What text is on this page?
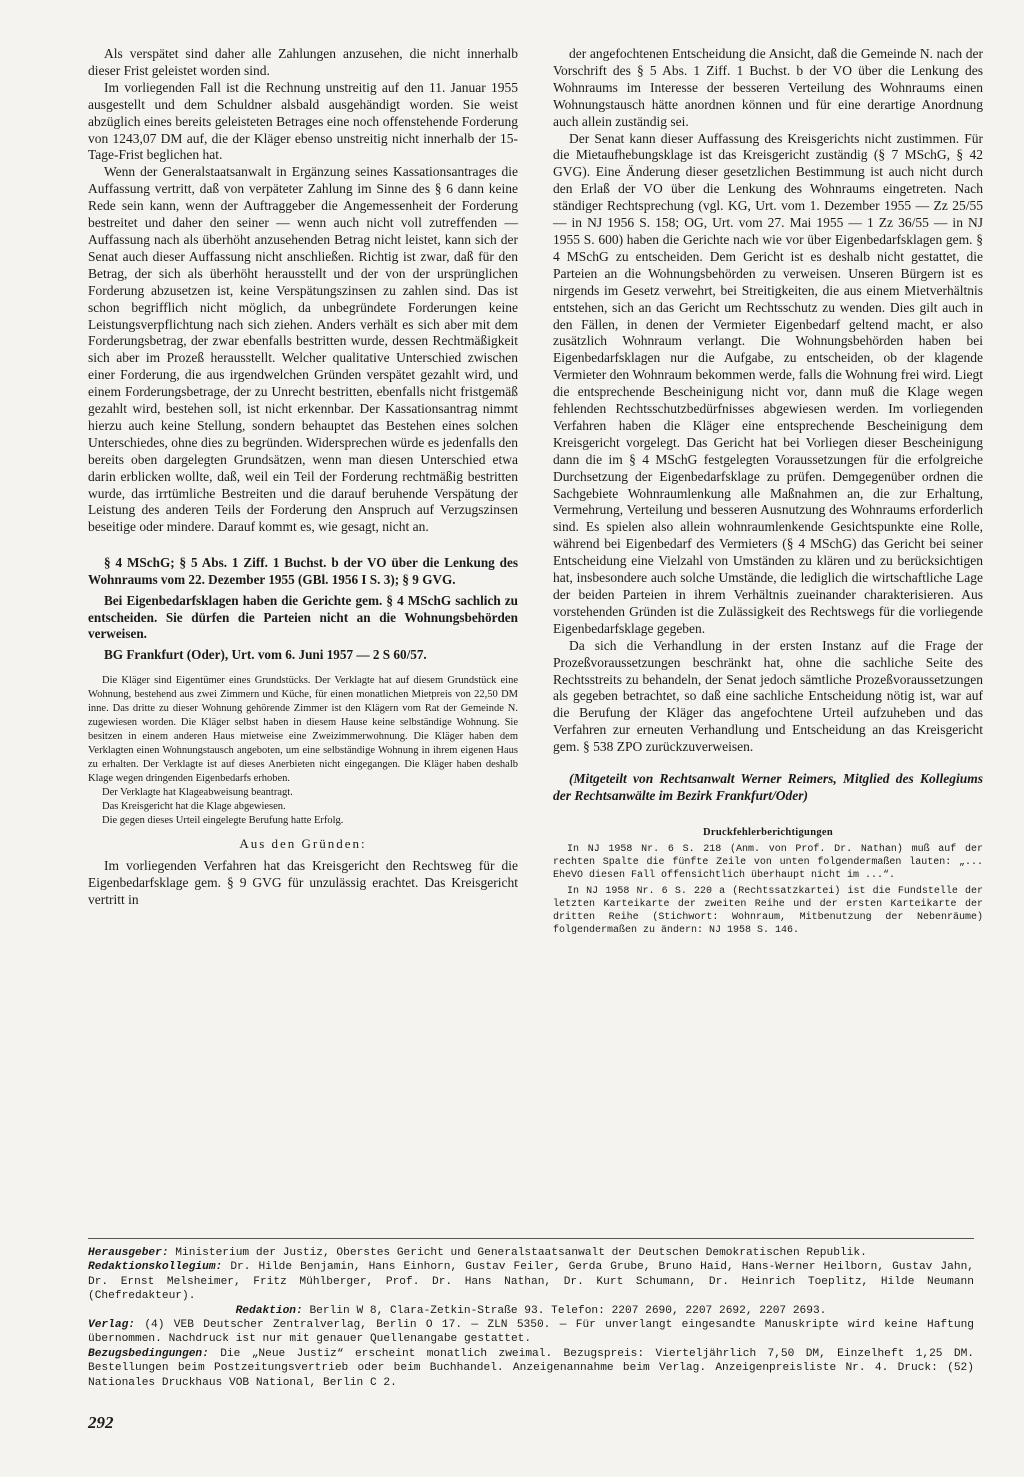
Als verspätet sind daher alle Zahlungen anzusehen, die nicht innerhalb dieser Frist geleistet worden sind.

Im vorliegenden Fall ist die Rechnung unstreitig auf den 11. Januar 1955 ausgestellt und dem Schuldner alsbald ausgehändigt worden. Sie weist abzüglich eines bereits geleisteten Betrages eine noch offenstehende Forderung von 1243,07 DM auf, die der Kläger ebenso unstreitig nicht innerhalb der 15-Tage-Frist beglichen hat.

Wenn der Generalstaatsanwalt in Ergänzung seines Kassationsantrages die Auffassung vertritt, daß von verpäteter Zahlung im Sinne des § 6 dann keine Rede sein kann, wenn der Auftraggeber die Angemessenheit der Forderung bestreitet und daher den seiner — wenn auch nicht voll zutreffenden — Auffassung nach als überhöht anzusehenden Betrag nicht leistet, kann sich der Senat auch dieser Auffassung nicht anschließen. Richtig ist zwar, daß für den Betrag, der sich als überhöht herausstellt und der von der ursprünglichen Forderung abzusetzen ist, keine Verspätungszinsen zu zahlen sind. Das ist schon begrifflich nicht möglich, da unbegründete Forderungen keine Leistungsverpflichtung nach sich ziehen. Anders verhält es sich aber mit dem Forderungsbetrag, der zwar ebenfalls bestritten wurde, dessen Rechtmäßigkeit sich aber im Prozeß herausstellt. Welcher qualitative Unterschied zwischen einer Forderung, die aus irgendwelchen Gründen verspätet gezahlt wird, und einem Forderungsbetrage, der zu Unrecht bestritten, ebenfalls nicht fristgemäß gezahlt wird, bestehen soll, ist nicht erkennbar. Der Kassationsantrag nimmt hierzu auch keine Stellung, sondern behauptet das Bestehen eines solchen Unterschiedes, ohne dies zu begründen. Widersprechen würde es jedenfalls den bereits oben dargelegten Grundsätzen, wenn man diesen Unterschied etwa darin erblicken wollte, daß, weil ein Teil der Forderung rechtmäßig bestritten wurde, das irrtümliche Bestreiten und die darauf beruhende Verspätung der Leistung des anderen Teils der Forderung den Anspruch auf Verzugszinsen beseitige oder mindere. Darauf kommt es, wie gesagt, nicht an.

§ 4 MSchG; § 5 Abs. 1 Ziff. 1 Buchst. b der VO über die Lenkung des Wohnraums vom 22. Dezember 1955 (GBl. 1956 I S. 3); § 9 GVG.

Bei Eigenbedarfsklagen haben die Gerichte gem. § 4 MSchG sachlich zu entscheiden. Sie dürfen die Parteien nicht an die Wohnungsbehörden verweisen.

BG Frankfurt (Oder), Urt. vom 6. Juni 1957 — 2 S 60/57.

Die Kläger sind Eigentümer eines Grundstücks. Der Verklagte hat auf diesem Grundstück eine Wohnung, bestehend aus zwei Zimmern und Küche, für einen monatlichen Mietpreis von 22,50 DM inne. Das dritte zu dieser Wohnung gehörende Zimmer ist den Klägern vom Rat der Gemeinde N. zugewiesen worden. Die Kläger selbst haben in diesem Hause keine selbständige Wohnung. Sie besitzen in einem anderen Haus mietweise eine Zweizimmerwohnung. Die Kläger haben dem Verklagten einen Wohnungstausch angeboten, um eine selbständige Wohnung in ihrem eigenen Haus zu erhalten. Der Verklagte ist auf dieses Anerbieten nicht eingegangen. Die Kläger haben deshalb Klage wegen dringenden Eigenbedarfs erhoben.

Der Verklagte hat Klageabweisung beantragt.

Das Kreisgericht hat die Klage abgewiesen.

Die gegen dieses Urteil eingelegte Berufung hatte Erfolg.

Aus den Gründen:

Im vorliegenden Verfahren hat das Kreisgericht den Rechtsweg für die Eigenbedarfsklage gem. § 9 GVG für unzulässig erachtet. Das Kreisgericht vertritt in

der angefochtenen Entscheidung die Ansicht, daß die Gemeinde N. nach der Vorschrift des § 5 Abs. 1 Ziff. 1 Buchst. b der VO über die Lenkung des Wohnraums im Interesse der besseren Verteilung des Wohnraums einen Wohnungstausch hätte anordnen können und für eine derartige Anordnung auch allein zuständig sei.

Der Senat kann dieser Auffassung des Kreisgerichts nicht zustimmen. Für die Mietaufhebungsklage ist das Kreisgericht zuständig (§ 7 MSchG, § 42 GVG). Eine Änderung dieser gesetzlichen Bestimmung ist auch nicht durch den Erlaß der VO über die Lenkung des Wohnraums eingetreten. Nach ständiger Rechtsprechung (vgl. KG, Urt. vom 1. Dezember 1955 — Zz 25/55 — in NJ 1956 S. 158; OG, Urt. vom 27. Mai 1955 — 1 Zz 36/55 — in NJ 1955 S. 600) haben die Gerichte nach wie vor über Eigenbedarfsklagen gem. § 4 MSchG zu entscheiden. Dem Gericht ist es deshalb nicht gestattet, die Parteien an die Wohnungsbehörden zu verweisen. Unseren Bürgern ist es nirgends im Gesetz verwehrt, bei Streitigkeiten, die aus einem Mietverhältnis entstehen, sich an das Gericht um Rechtsschutz zu wenden. Dies gilt auch in den Fällen, in denen der Vermieter Eigenbedarf geltend macht, er also zusätzlich Wohnraum verlangt. Die Wohnungsbehörden haben bei Eigenbedarfsklagen nur die Aufgabe, zu entscheiden, ob der klagende Vermieter den Wohnraum bekommen werde, falls die Wohnung frei wird. Liegt die entsprechende Bescheinigung nicht vor, dann muß die Klage wegen fehlenden Rechtsschutzbedürfnisses abgewiesen werden. Im vorliegenden Verfahren haben die Kläger eine entsprechende Bescheinigung dem Kreisgericht vorgelegt. Das Gericht hat bei Vorliegen dieser Bescheinigung dann die im § 4 MSchG festgelegten Voraussetzungen für die erfolgreiche Durchsetzung der Eigenbedarfsklage zu prüfen. Demgegenüber ordnen die Sachgebiete Wohnraumlenkung alle Maßnahmen an, die zur Erhaltung, Vermehrung, Verteilung und besseren Ausnutzung des Wohnraums erforderlich sind. Es spielen also allein wohnraumlenkende Gesichtspunkte eine Rolle, während bei Eigenbedarf des Vermieters (§ 4 MSchG) das Gericht bei seiner Entscheidung eine Vielzahl von Umständen zu klären und zu berücksichtigen hat, insbesondere auch solche Umstände, die lediglich die wirtschaftliche Lage der beiden Parteien in ihrem Verhältnis zueinander charakterisieren. Aus vorstehenden Gründen ist die Zulässigkeit des Rechtswegs für die vorliegende Eigenbedarfsklage gegeben.

Da sich die Verhandlung in der ersten Instanz auf die Frage der Prozeßvoraussetzungen beschränkt hat, ohne die sachliche Seite des Rechtsstreits zu behandeln, der Senat jedoch sämtliche Prozeßvoraussetzungen als gegeben betrachtet, so daß eine sachliche Entscheidung nötig ist, war auf die Berufung der Kläger das angefochtene Urteil aufzuheben und das Verfahren zur erneuten Verhandlung und Entscheidung an das Kreisgericht gem. § 538 ZPO zurückzuverweisen.

(Mitgeteilt von Rechtsanwalt Werner Reimers, Mitglied des Kollegiums der Rechtsanwälte im Bezirk Frankfurt/Oder)

Druckfehlerberichtigungen

In NJ 1958 Nr. 6 S. 218 (Anm. von Prof. Dr. Nathan) muß auf der rechten Spalte die fünfte Zeile von unten folgendermaßen lauten: „... EheVO diesen Fall offensichtlich überhaupt nicht im ...“.

In NJ 1958 Nr. 6 S. 220 a (Rechtssatzkartei) ist die Fundstelle der letzten Karteikarte der zweiten Reihe und der ersten Karteikarte der dritten Reihe (Stichwort: Wohnraum, Mitbenutzung der Nebenräume) folgendermaßen zu ändern: NJ 1958 S. 146.

Herausgeber: Ministerium der Justiz, Oberstes Gericht und Generalstaatsanwalt der Deutschen Demokratischen Republik.

Redaktionskollegium: Dr. Hilde Benjamin, Hans Einhorn, Gustav Feiler, Gerda Grube, Bruno Haid, Hans-Werner Heilborn, Gustav Jahn, Dr. Ernst Melsheimer, Fritz Mühlberger, Prof. Dr. Hans Nathan, Dr. Kurt Schumann, Dr. Heinrich Toeplitz, Hilde Neumann (Chefredakteur).

Redaktion: Berlin W 8, Clara-Zetkin-Straße 93. Telefon: 2207 2690, 2207 2692, 2207 2693.

Verlag: (4) VEB Deutscher Zentralverlag, Berlin O 17. — ZLN 5350. — Für unverlangt eingesandte Manuskripte wird keine Haftung übernommen. Nachdruck ist nur mit genauer Quellenangabe gestattet.

Bezugsbedingungen: Die „Neue Justiz“ erscheint monatlich zweimal. Bezugspreis: Vierteljährlich 7,50 DM, Einzelheft 1,25 DM. Bestellungen beim Postzeitungsvertrieb oder beim Buchhandel. Anzeigenannahme beim Verlag. Anzeigenpreisliste Nr. 4. Druck: (52) Nationales Druckhaus VOB National, Berlin C 2.

292
